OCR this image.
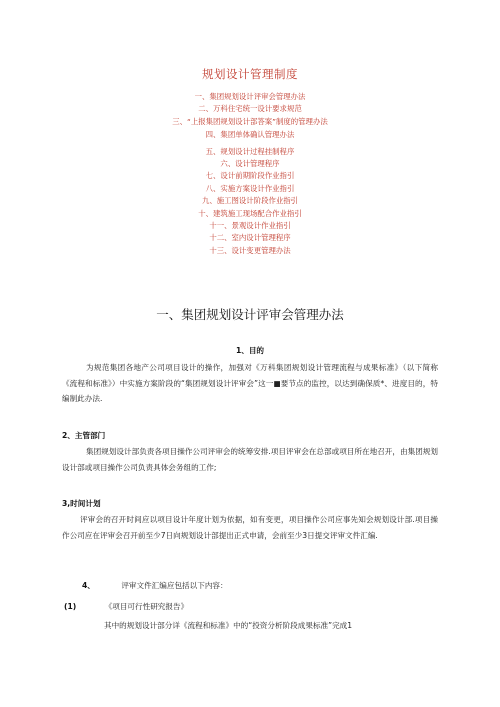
规划设计管理制度
一、集团规划设计评审会管理办法
二、万科住宅统一设计要求规范
三、“上报集团规划设计部答案”制度的管理办法
四、集团单体确认管理办法
五、规划设计过程挂制程序
六、设计管理程序
七、设计前期阶段作业指引
八、实施方案设计作业指引
九、施工图设计阶段作业指引
十、建筑施工现场配合作业指引
十一、景观设计作业指引
十二、室内设计管理程序
十三、设计变更管理办法
一、集团规划设计评审会管理办法
1、目的

为规范集团各地产公司项目设计的操作，加强对《万科集团规划设计管理流程与成果标准》（以下简称《流程和标准》）中实施方案阶段的“集团规划设计评审会”这一■要节点的监控，以达到确保质*、进度目的，特编制此办法.

2、主管部门

集团规划设计部负责各项目操作公司评审会的统筹安排.项目评审会在总部或项目所在地召开，由集团规划设计部或项目操作公司负责具体会务组的工作;

3,时间计划

评审会的召开时间应以项目设计年度计划为依据，如有变更，项目操作公司应事先知会规划设计部.项目操作公司应在评审会召开前至少7日向规划设计部提出正式申请，会前至少3日提交评审文件汇编.

4、	评审文件汇编应包括以下内容：
(1)	《项目可行性研究报告》
其中的规划设计部分详《流程和标准》中的“投资分析阶段成果标准”完成1
